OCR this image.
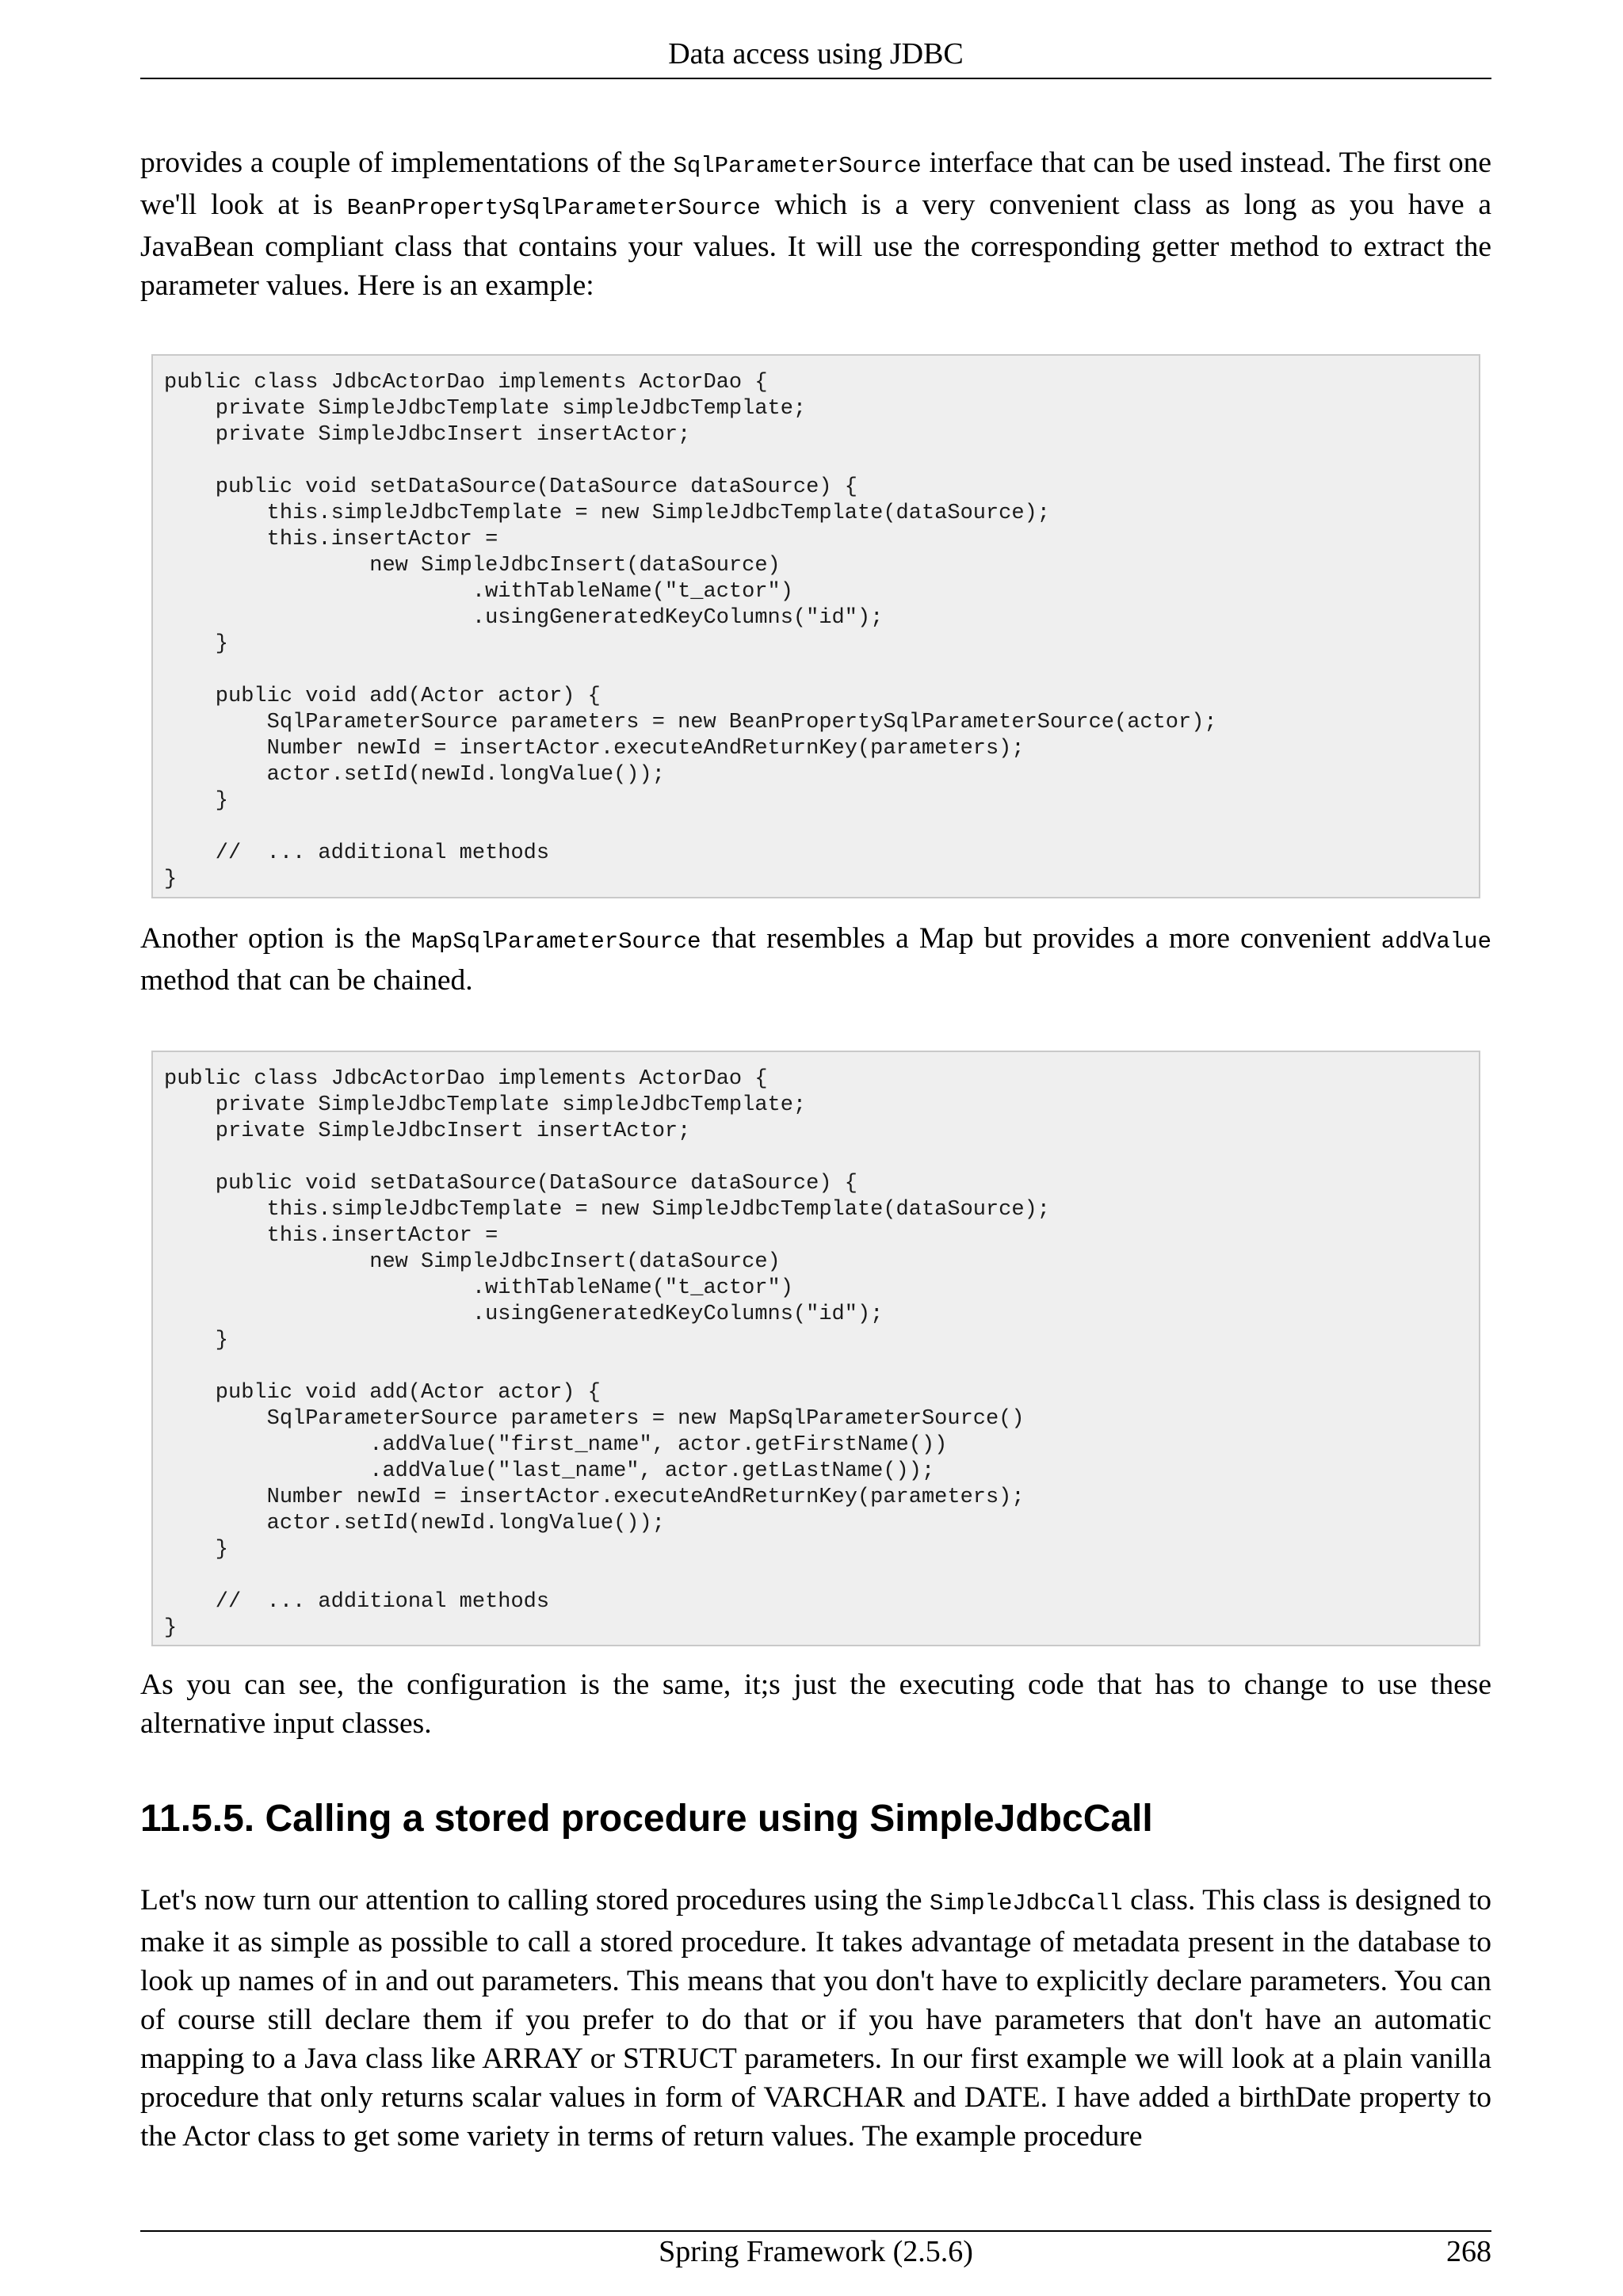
Data access using JDBC

provides a couple of implementations of the SqlParameterSource interface that can be used instead. The first one we'll look at is BeanPropertySqlParameterSource which is a very convenient class as long as you have a JavaBean compliant class that contains your values. It will use the corresponding getter method to extract the parameter values. Here is an example:

public class JdbcActorDao implements ActorDao {
private SimpleJdbcTemplate simpleJdbcTemplate;
private SimpleJdbcInsert insertActor;

public void setDataSource(DataSource dataSource) {
this.simpleJdbcTemplate = new SimpleJdbcTemplate(dataSource);
this.insertActor =
new SimpleJdbcInsert(dataSource)
.withTableName("t_actor")
.usingGeneratedKeyColumns("id");
}

public void add(Actor actor) {
SqlParameterSource parameters = new BeanPropertySqlParameterSource(actor);
Number newId = insertActor.executeAndReturnKey(parameters);
actor.setId(newId.longValue());
}

//  ... additional methods
}

Another option is the MapSqlParameterSource that resembles a Map but provides a more convenient addValue method that can be chained.

public class JdbcActorDao implements ActorDao {
private SimpleJdbcTemplate simpleJdbcTemplate;
private SimpleJdbcInsert insertActor;

public void setDataSource(DataSource dataSource) {
this.simpleJdbcTemplate = new SimpleJdbcTemplate(dataSource);
this.insertActor =
new SimpleJdbcInsert(dataSource)
.withTableName("t_actor")
.usingGeneratedKeyColumns("id");
}

public void add(Actor actor) {
SqlParameterSource parameters = new MapSqlParameterSource()
.addValue("first_name", actor.getFirstName())
.addValue("last_name", actor.getLastName());
Number newId = insertActor.executeAndReturnKey(parameters);
actor.setId(newId.longValue());
}

//  ... additional methods
}

As you can see, the configuration is the same, it;s just the executing code that has to change to use these alternative input classes.

11.5.5. Calling a stored procedure using SimpleJdbcCall

Let's now turn our attention to calling stored procedures using the SimpleJdbcCall class. This class is designed to make it as simple as possible to call a stored procedure. It takes advantage of metadata present in the database to look up names of in and out parameters. This means that you don't have to explicitly declare parameters. You can of course still declare them if you prefer to do that or if you have parameters that don't have an automatic mapping to a Java class like ARRAY or STRUCT parameters. In our first example we will look at a plain vanilla procedure that only returns scalar values in form of VARCHAR and DATE. I have added a birthDate property to the Actor class to get some variety in terms of return values. The example procedure

Spring Framework (2.5.6)	268
